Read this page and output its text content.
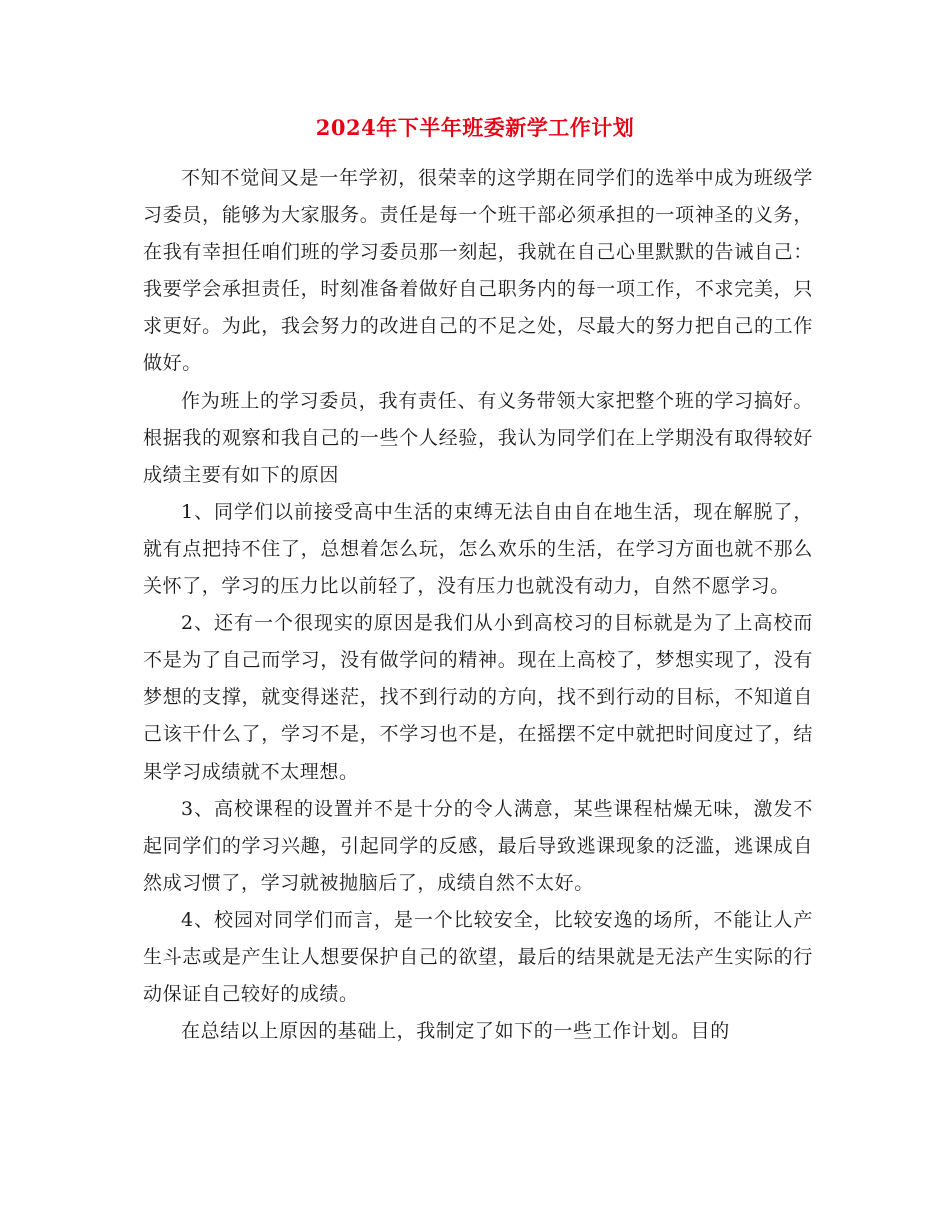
2024年下半年班委新学工作计划

不知不觉间又是一年学初，很荣幸的这学期在同学们的选举中成为班级学习委员，能够为大家服务。责任是每一个班干部必须承担的一项神圣的义务，在我有幸担任咱们班的学习委员那一刻起，我就在自己心里默默的告诫自己：我要学会承担责任，时刻准备着做好自己职务内的每一项工作，不求完美，只求更好。为此，我会努力的改进自己的不足之处，尽最大的努力把自己的工作做好。

作为班上的学习委员，我有责任、有义务带领大家把整个班的学习搞好。根据我的观察和我自己的一些个人经验，我认为同学们在上学期没有取得较好成绩主要有如下的原因

1、同学们以前接受高中生活的束缚无法自由自在地生活，现在解脱了，就有点把持不住了，总想着怎么玩，怎么欢乐的生活，在学习方面也就不那么关怀了，学习的压力比以前轻了，没有压力也就没有动力，自然不愿学习。

2、还有一个很现实的原因是我们从小到高校习的目标就是为了上高校而不是为了自己而学习，没有做学问的精神。现在上高校了，梦想实现了，没有梦想的支撑，就变得迷茫，找不到行动的方向，找不到行动的目标，不知道自己该干什么了，学习不是，不学习也不是，在摇摆不定中就把时间度过了，结果学习成绩就不太理想。

3、高校课程的设置并不是十分的令人满意，某些课程枯燥无味，激发不起同学们的学习兴趣，引起同学的反感，最后导致逃课现象的泛滥，逃课成自然成习惯了，学习就被抛脑后了，成绩自然不太好。

4、校园对同学们而言，是一个比较安全，比较安逸的场所，不能让人产生斗志或是产生让人想要保护自己的欲望，最后的结果就是无法产生实际的行动保证自己较好的成绩。

在总结以上原因的基础上，我制定了如下的一些工作计划。目的
